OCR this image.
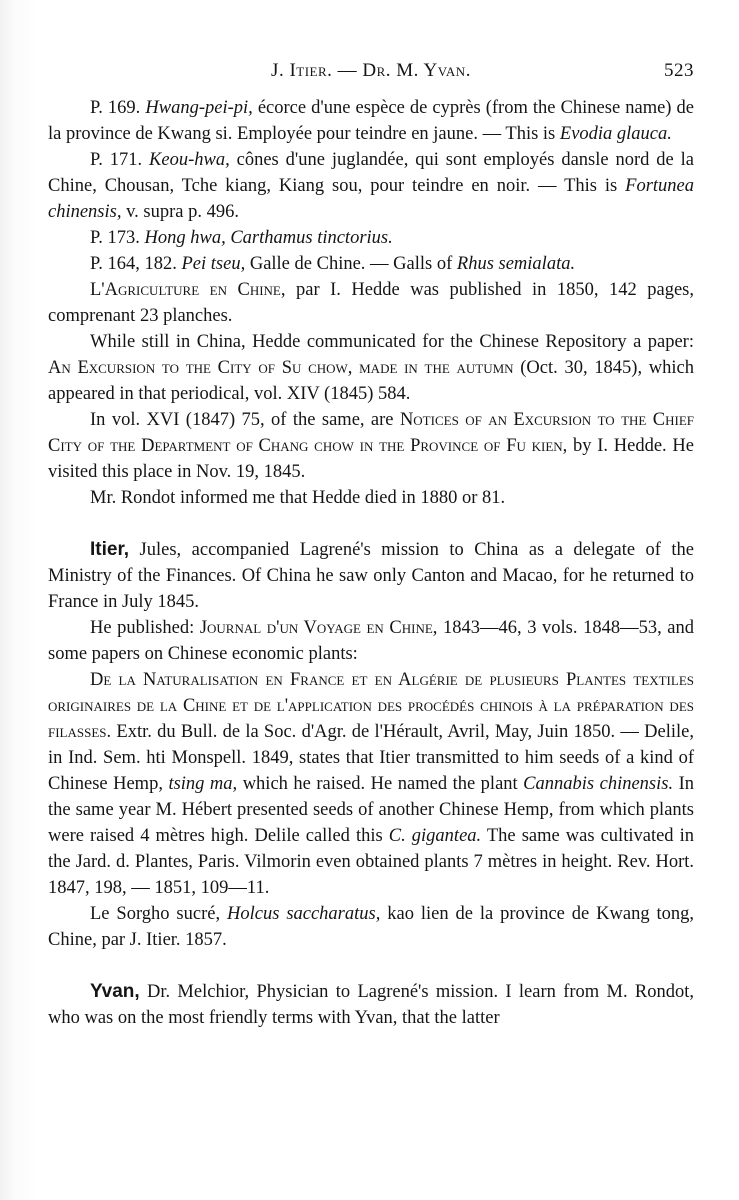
J. Itier. — Dr. M. Yvan.	523

P. 169. Hwang-pei-pi, écorce d'une espèce de cyprès (from the Chinese name) de la province de Kwang si. Employée pour teindre en jaune. — This is Evodia glauca.

P. 171. Keou-hwa, cônes d'une juglandée, qui sont employés dansle nord de la Chine, Chousan, Tche kiang, Kiang sou, pour teindre en noir. — This is Fortunea chinensis, v. supra p. 496.

P. 173. Hong hwa, Carthamus tinctorius.

P. 164, 182. Pei tseu, Galle de Chine. — Galls of Rhus semialata.

L'Agriculture en Chine, par I. Hedde was published in 1850, 142 pages, comprenant 23 planches.

While still in China, Hedde communicated for the Chinese Repository a paper: An Excursion to the City of Su chow, made in the autumn (Oct. 30, 1845), which appeared in that periodical, vol. XIV (1845) 584.

In vol. XVI (1847) 75, of the same, are Notices of an Excursion to the Chief City of the Department of Chang chow in the Province of Fu kien, by I. Hedde. He visited this place in Nov. 19, 1845.

Mr. Rondot informed me that Hedde died in 1880 or 81.

Itier, Jules, accompanied Lagrené's mission to China as a delegate of the Ministry of the Finances. Of China he saw only Canton and Macao, for he returned to France in July 1845.

He published: Journal d'un Voyage en Chine, 1843—46, 3 vols. 1848—53, and some papers on Chinese economic plants:

De la Naturalisation en France et en Algérie de plusieurs Plantes textiles originaires de la Chine et de l'application des procédés chinois à la préparation des filasses. Extr. du Bull. de la Soc. d'Agr. de l'Hérault, Avril, May, Juin 1850. — Delile, in Ind. Sem. hti Monspell. 1849, states that Itier transmitted to him seeds of a kind of Chinese Hemp, tsing ma, which he raised. He named the plant Cannabis chinensis. In the same year M. Hébert presented seeds of another Chinese Hemp, from which plants were raised 4 mètres high. Delile called this C. gigantea. The same was cultivated in the Jard. d. Plantes, Paris. Vilmorin even obtained plants 7 mètres in height. Rev. Hort. 1847, 198, — 1851, 109—11.

Le Sorgho sucré, Holcus saccharatus, kao lien de la province de Kwang tong, Chine, par J. Itier. 1857.

Yvan, Dr. Melchior, Physician to Lagrené's mission. I learn from M. Rondot, who was on the most friendly terms with Yvan, that the latter
